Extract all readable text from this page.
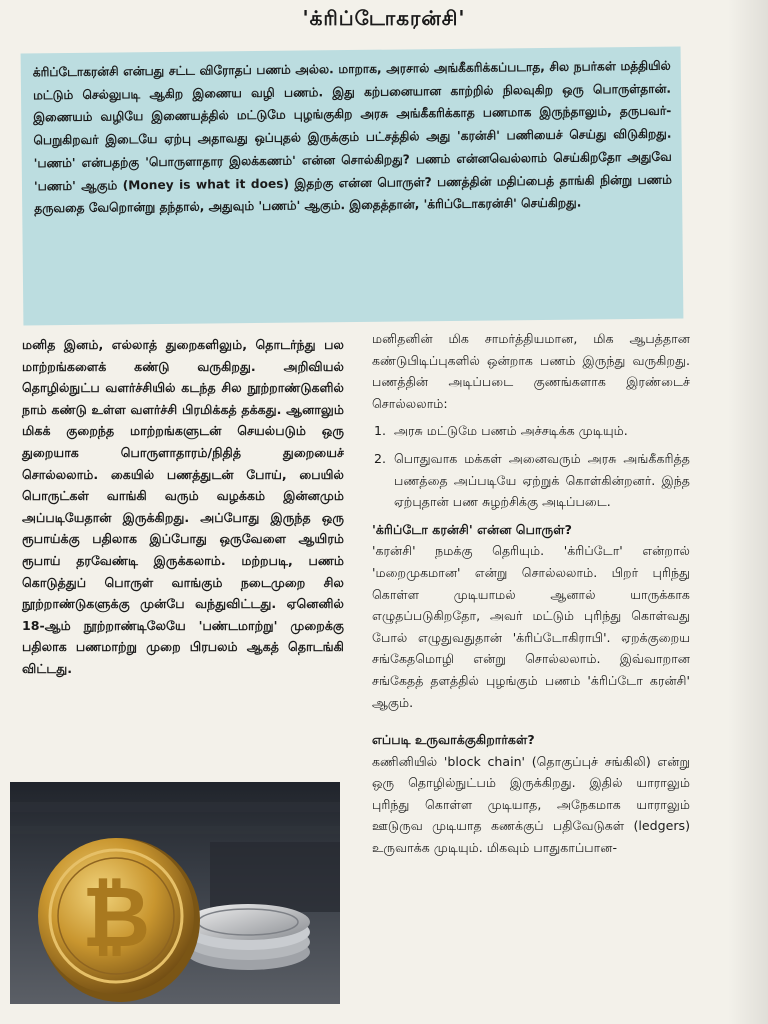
'க்ரிப்டோகரன்சி'
க்ரிப்டோகரன்சி என்பது சட்ட விரோதப் பணம் அல்ல. மாறாக, அரசால் அங்கீகரிக்கப்படாத, சில நபர்கள் மத்தியில் மட்டும் செல்லுபடி ஆகிற இணைய வழி பணம். இது கற்பனையான காற்றில் நிலவுகிற ஒரு பொருள்தான். இணையம் வழியே இணையத்தில் மட்டுமே புழங்குகிற அரசு அங்கீகரிக்காத பணமாக இருந்தாலும், தருபவர்-பெறுகிறவர் இடையே ஏற்பு அதாவது ஒப்புதல் இருக்கும் பட்சத்தில் அது 'கரன்சி' பணியைச் செய்து விடுகிறது. 'பணம்' என்பதற்கு 'பொருளாதார இலக்கணம்' என்ன சொல்கிறது? பணம் என்னவெல்லாம் செய்கிறதோ அதுவே 'பணம்' ஆகும் (Money is what it does) இதற்கு என்ன பொருள்? பணத்தின் மதிப்பைத் தாங்கி நின்று பணம் தருவதை வேறொன்று தந்தால், அதுவும் 'பணம்' ஆகும். இதைத்தான், 'க்ரிப்டோகரன்சி' செய்கிறது.
மனித இனம், எல்லாத் துறைகளிலும், தொடர்ந்து பல மாற்றங்களைக் கண்டு வருகிறது. அறிவியல் தொழில்நுட்ப வளர்ச்சியில் கடந்த சில நூற்றாண்டுகளில் நாம் கண்டு உள்ள வளர்ச்சி பிரமிக்கத் தக்கது. ஆனாலும் மிகக் குறைந்த மாற்றங்களுடன் செயல்படும் ஒரு துறையாக பொருளாதாரம்/நிதித் துறையைச் சொல்லலாம். கையில் பணத்துடன் போய், பையில் பொருட்கள் வாங்கி வரும் வழக்கம் இன்னமும் அப்படியேதான் இருக்கிறது. அப்போது இருந்த ஒரு ரூபாய்க்கு பதிலாக இப்போது ஒருவேளை ஆயிரம் ரூபாய் தரவேண்டி இருக்கலாம். மற்றபடி, பணம் கொடுத்துப் பொருள் வாங்கும் நடைமுறை சில நூற்றாண்டுகளுக்கு முன்பே வந்துவிட்டது. ஏனெனில் 18-ஆம் நூற்றாண்டிலேயே 'பண்டமாற்று' முறைக்கு பதிலாக பணமாற்று முறை பிரபலம் ஆகத் தொடங்கி விட்டது.

மனிதனின் மிக சாமர்த்தியமான, மிக ஆபத்தான கண்டுபிடிப்புகளில் ஒன்றாக பணம் இருந்து வருகிறது. பணத்தின் அடிப்படை குணங்களாக இரண்டைச் சொல்லலாம்:

1. அரசு மட்டுமே பணம் அச்சடிக்க முடியும்.
2. பொதுவாக மக்கள் அனைவரும் அரசு அங்கீகரித்த பணத்தை அப்படியே ஏற்றுக் கொள்கின்றனர். இந்த ஏற்புதான் பண சுழற்சிக்கு அடிப்படை.

'க்ரிப்டோ கரன்சி' என்ன பொருள்?

'கரன்சி' நமக்கு தெரியும். 'க்ரிப்டோ' என்றால் 'மறைமுகமான' என்று சொல்லலாம். பிறர் புரிந்து கொள்ள முடியாமல் ஆனால் யாருக்காக எழுதப்படுகிறதோ, அவர் மட்டும் புரிந்து கொள்வது போல் எழுதுவதுதான் 'க்ரிப்டோகிராபி'. ஏறக்குறைய சங்கேதமொழி என்று சொல்லலாம். இவ்வாறான சங்கேதத் தளத்தில் புழங்கும் பணம் 'க்ரிப்டோ கரன்சி' ஆகும்.

எப்படி உருவாக்குகிறார்கள்?

கணினியில் 'block chain' (தொகுப்புச் சங்கிலி) என்று ஒரு தொழில்நுட்பம் இருக்கிறது. இதில் யாராலும் புரிந்து கொள்ள முடியாத, அநேகமாக யாராலும் ஊடுருவ முடியாத கணக்குப் பதிவேடுகள் (ledgers) உருவாக்க முடியும். மிகவும் பாதுகாப்பான-

₿
